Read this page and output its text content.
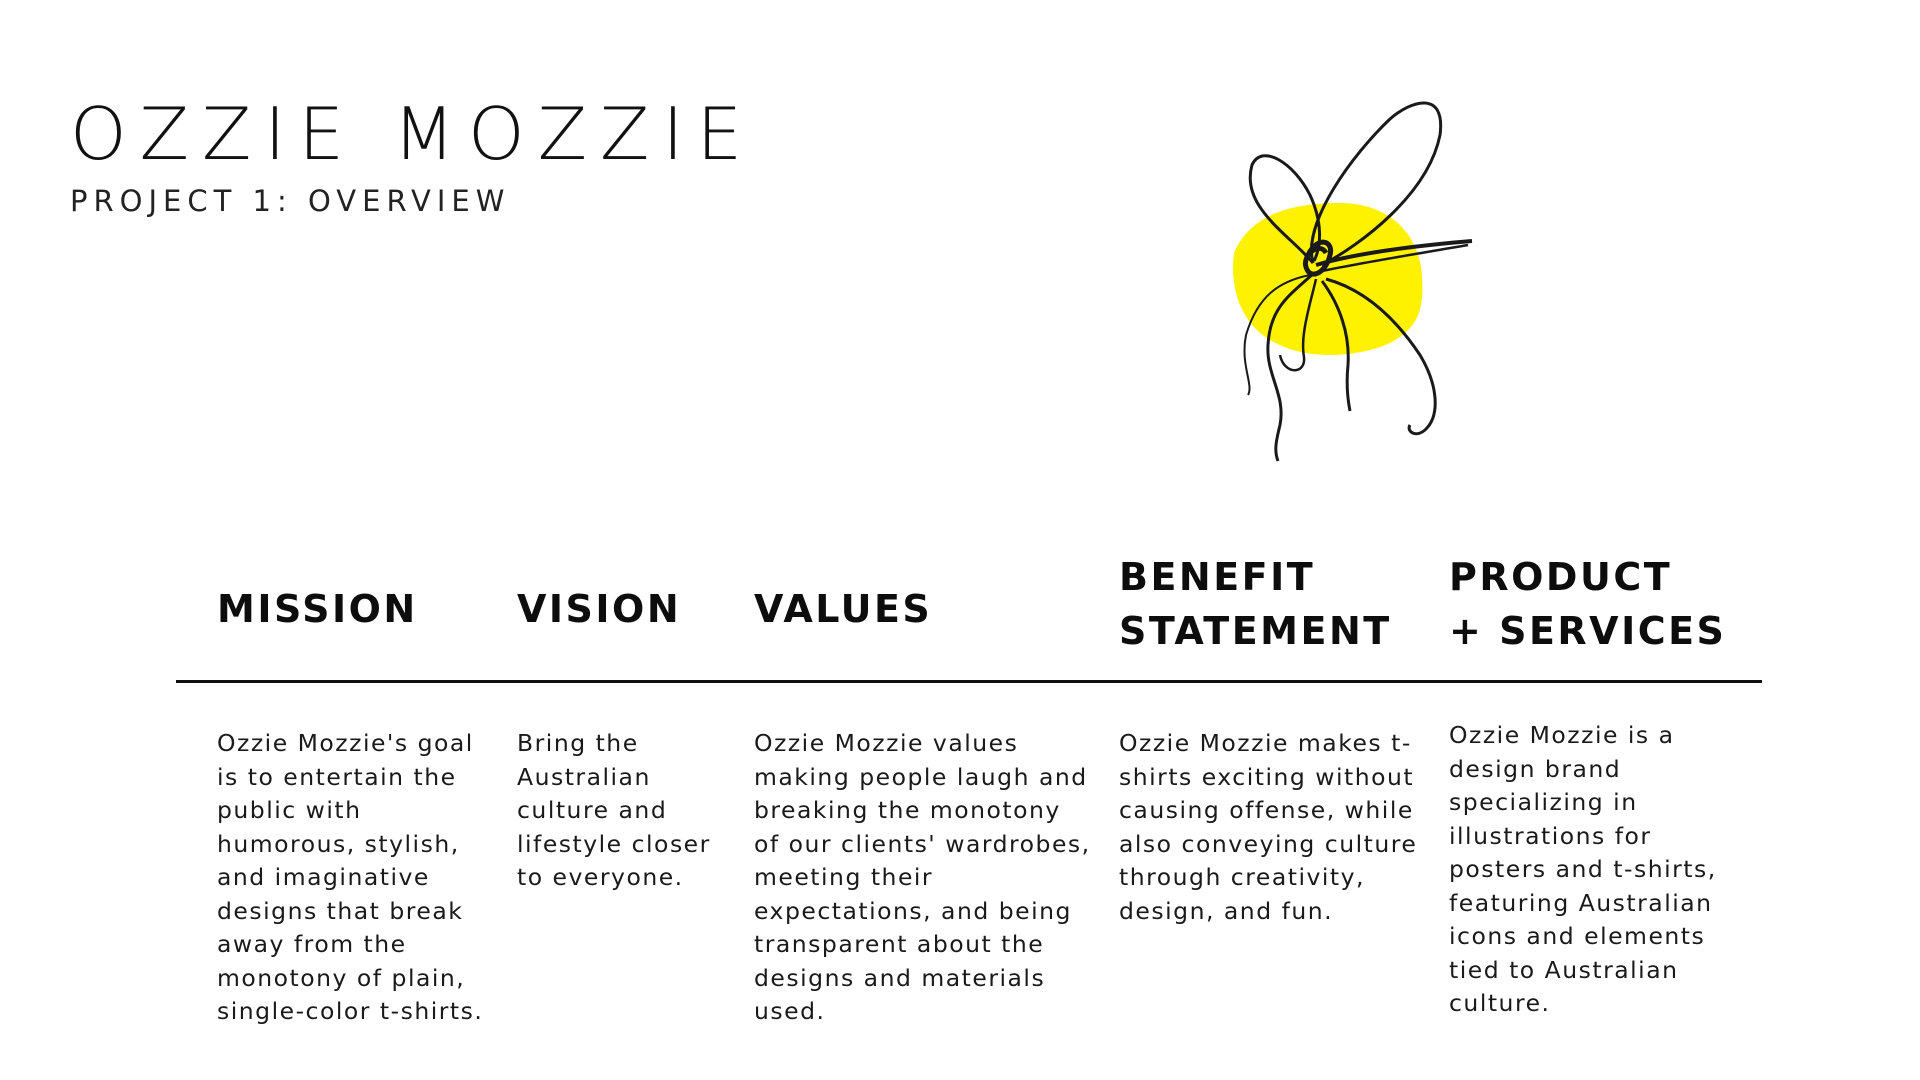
OZZIE MOZZIE
PROJECT 1: OVERVIEW
MISSION	VISION	VALUES
BENEFIT
STATEMENT
PRODUCT
+ SERVICES
Ozzie Mozzie's goal is to entertain the public with humorous, stylish, and imaginative designs that break away from the monotony of plain, single-color t-shirts.
Bring the Australian culture and lifestyle closer to everyone.
Ozzie Mozzie values making people laugh and breaking the monotony of our clients' wardrobes, meeting their expectations, and being transparent about the designs and materials used.
Ozzie Mozzie makes t-shirts exciting without causing offense, while also conveying culture through creativity, design, and fun.
Ozzie Mozzie is a design brand specializing in illustrations for posters and t-shirts, featuring Australian icons and elements tied to Australian culture.
